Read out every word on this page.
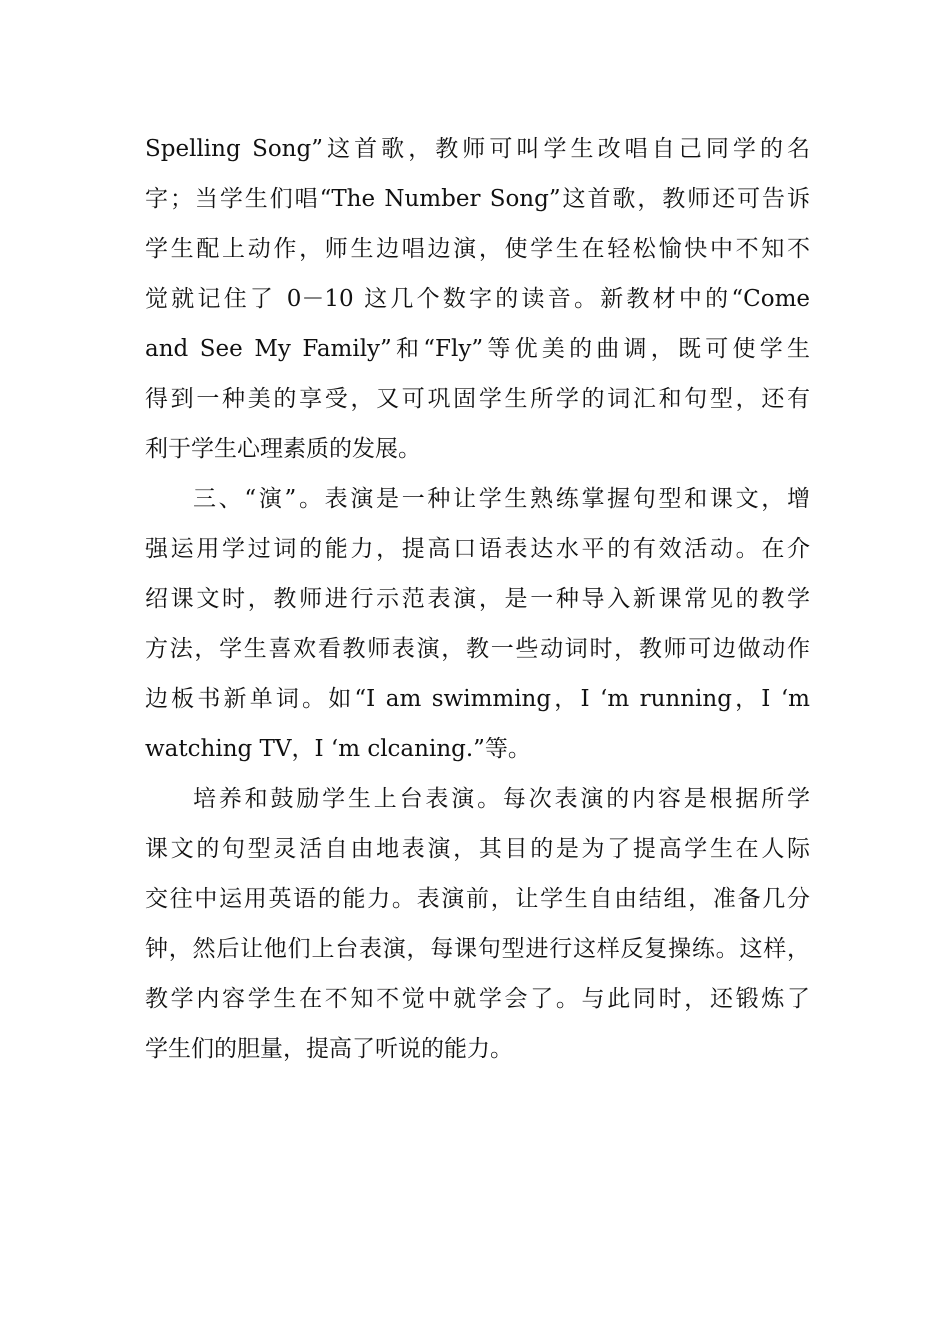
Spelling Song”这首歌，教师可叫学生改唱自己同学的名
字；当学生们唱“The Number Song”这首歌，教师还可告诉
学生配上动作，师生边唱边演，使学生在轻松愉快中不知不
觉就记住了 0－10 这几个数字的读音。新教材中的“Come
and See My Family”和“Fly”等优美的曲调，既可使学生
得到一种美的享受，又可巩固学生所学的词汇和句型，还有
利于学生心理素质的发展。
三、“演”。表演是一种让学生熟练掌握句型和课文，增
强运用学过词的能力，提高口语表达水平的有效活动。在介
绍课文时，教师进行示范表演，是一种导入新课常见的教学
方法，学生喜欢看教师表演，教一些动词时，教师可边做动作
边板书新单词。如“I am swimming，I ‘m running，I ‘m
watching TV，I ‘m clcaning.”等。
培养和鼓励学生上台表演。每次表演的内容是根据所学
课文的句型灵活自由地表演，其目的是为了提高学生在人际
交往中运用英语的能力。表演前，让学生自由结组，准备几分
钟，然后让他们上台表演，每课句型进行这样反复操练。这样，
教学内容学生在不知不觉中就学会了。与此同时，还锻炼了
学生们的胆量，提高了听说的能力。
